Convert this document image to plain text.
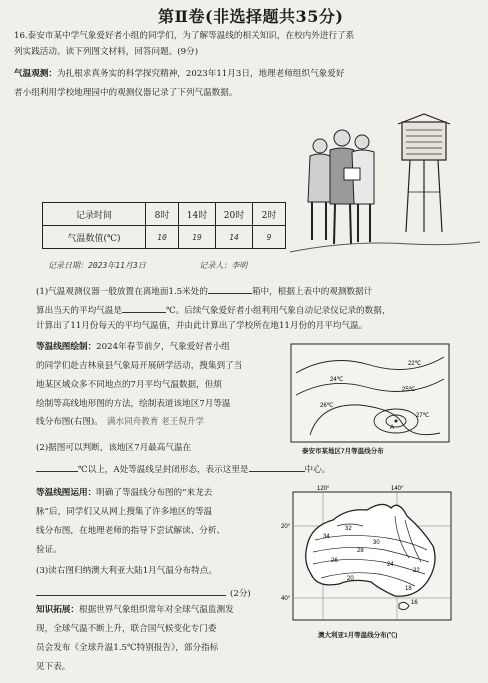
第Ⅱ卷(非选择题共35分)
16.泰安市某中学气象爱好者小组的同学们，为了解等温线的相关知识，在校内外进行了系
列实践活动。读下列图文材料，回答问题。(9分)
气温观测：为扎根求真务实的科学探究精神，2023年11月3日，地理老师组织气象爱好
者小组利用学校地理园中的观测仪器记录了下列气温数据。
记录时间	8时	14时	20时	2时
气温数值(℃)	10	19	14	9
记录日期：2023年11月3日	记录人：李明
(1)气温观测仪器一般放置在离地面1.5米处的	箱中，根据上表中的观测数据计
算出当天的平均气温是	℃。后续气象爱好者小组利用气象自动记录仪记录的数据，
计算出了11月份每天的平均气温值，并由此计算出了学校所在地11月份的月平均气温。
等温线图绘制：2024年春节前夕，气象爱好者小组
的同学们赴吉林泉县气象局开展研学活动，搜集到了当
地某区域众多不同地点的7月平均气温数据，但烦
绘制等高线地形图的方法，绘制表道该地区7月等温
线分布图(右图)。 满水同舟教育 老王倪升学
22℃
24℃
26℃
27℃
25℃
A
泰安市某地区7月等温线分布
(2)据图可以判断，该地区7月最高气温在
℃以上，A处等温线呈封闭形态，表示这里是	中心。
等温线图运用：明确了等温线分布图的“来龙去
脉”后，同学们又从网上搜集了许多地区的等温
线分布图，在地理老师的指导下尝试解读、分析、
验证。
(3)读右图归纳澳大利亚大陆1月气温分布特点。
(2分)
120°	140°
20°
40°
34
32
30
28
26
24
22
20
18
16
澳大利亚1月等温线分布(℃)
知识拓展：根据世界气象组织常年对全球气温监测发
现，全球气温不断上升，联合国气候变化专门委
员会发布《全球升温1.5℃特别报告》，部分指标
见下表。
